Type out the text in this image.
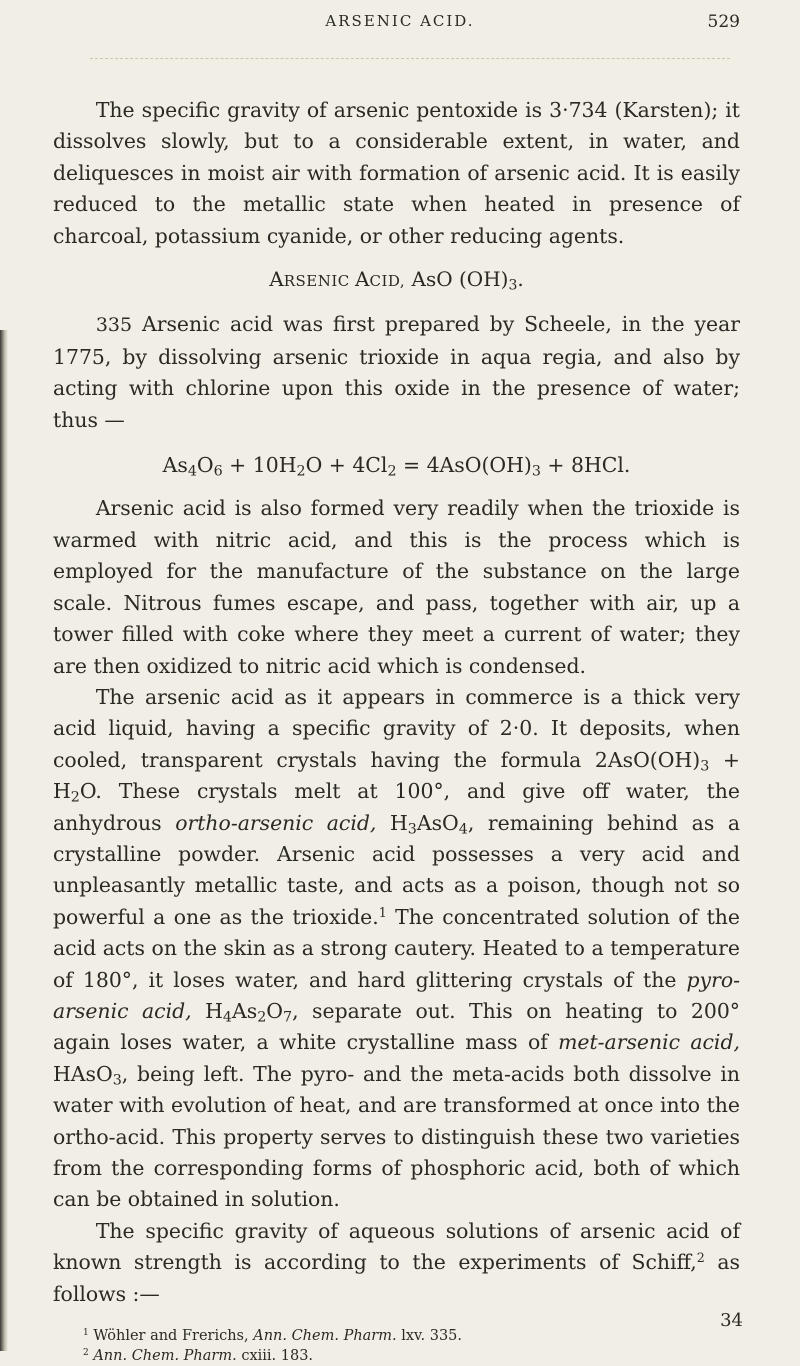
ARSENIC ACID.	529

The specific gravity of arsenic pentoxide is 3·734 (Karsten); it dissolves slowly, but to a considerable extent, in water, and deliquesces in moist air with formation of arsenic acid. It is easily reduced to the metallic state when heated in presence of charcoal, potassium cyanide, or other reducing agents.

ARSENIC ACID, AsO $(OH)_3$.

335 Arsenic acid was first prepared by Scheele, in the year 1775, by dissolving arsenic trioxide in aqua regia, and also by acting with chlorine upon this oxide in the presence of water; thus —

$As_4O_6 + 10H_2O + 4Cl_2 = 4AsO(OH)_3 + 8HCl$.

Arsenic acid is also formed very readily when the trioxide is warmed with nitric acid, and this is the process which is employed for the manufacture of the substance on the large scale. Nitrous fumes escape, and pass, together with air, up a tower filled with coke where they meet a current of water; they are then oxidized to nitric acid which is condensed.

The arsenic acid as it appears in commerce is a thick very acid liquid, having a specific gravity of 2·0. It deposits, when cooled, transparent crystals having the formula $2AsO(OH)_3 + H_2O$. These crystals melt at 100°, and give off water, the anhydrous ortho-arsenic acid, $H_3AsO_4$, remaining behind as a crystalline powder. Arsenic acid possesses a very acid and unpleasantly metallic taste, and acts as a poison, though not so powerful a one as the trioxide.$^1$ The concentrated solution of the acid acts on the skin as a strong cautery. Heated to a temperature of 180°, it loses water, and hard glittering crystals of the pyro-arsenic acid, $H_4As_2O_7$, separate out. This on heating to 200° again loses water, a white crystalline mass of met-arsenic acid, HAsO$_3$, being left. The pyro- and the meta-acids both dissolve in water with evolution of heat, and are transformed at once into the ortho-acid. This property serves to distinguish these two varieties from the corresponding forms of phosphoric acid, both of which can be obtained in solution.

The specific gravity of aqueous solutions of arsenic acid of known strength is according to the experiments of Schiff,$^2$ as follows :—

$^1$ Wöhler and Frerichs, Ann. Chem. Pharm. lxv. 335.

$^2$ Ann. Chem. Pharm. cxiii. 183.

34
